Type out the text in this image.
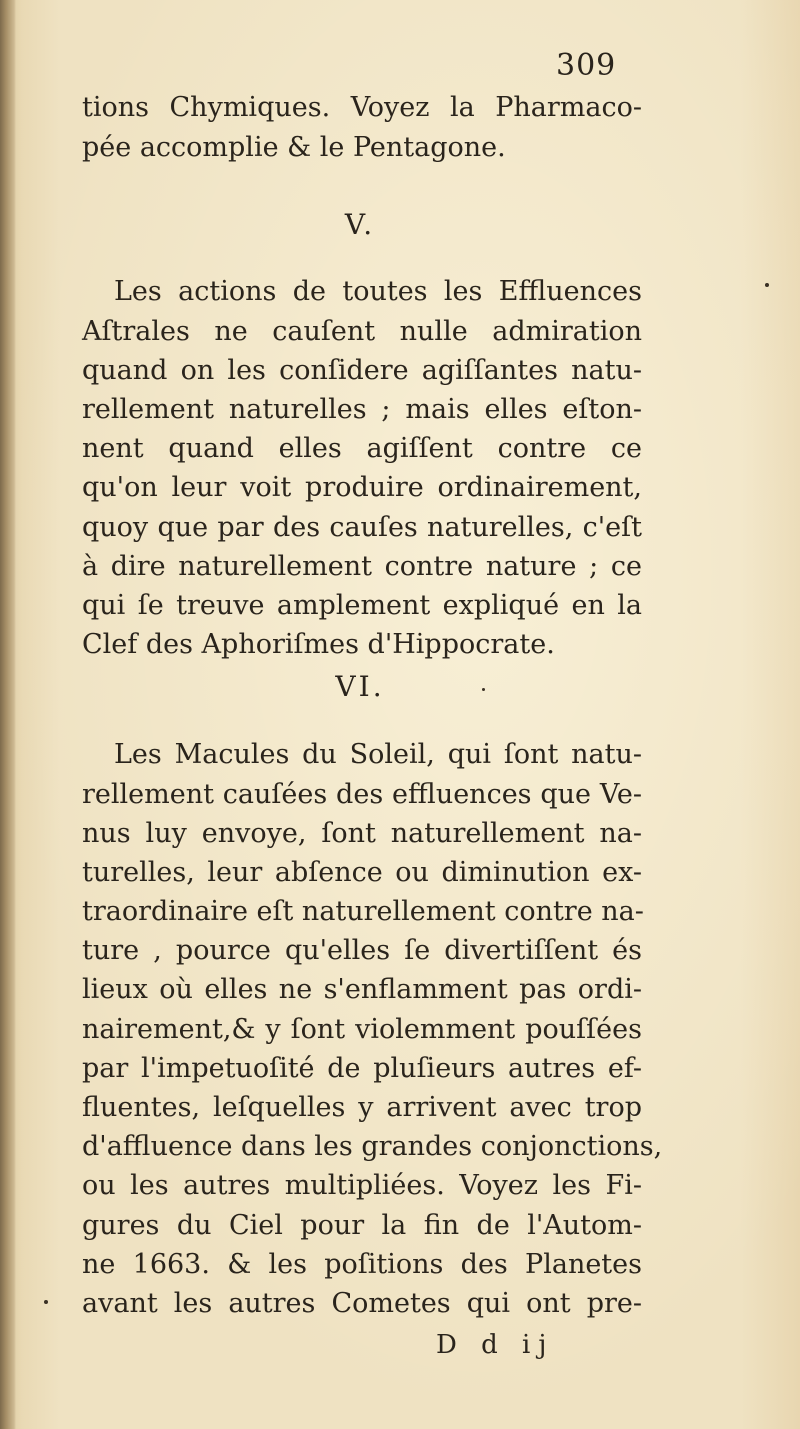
309
tions Chymiques. Voyez la Pharmaco-
pée accomplie & le Pentagone.
V.
Les actions de toutes les Effluences
Aſtrales ne cauſent nulle admiration
quand on les conſidere agiſſantes natu-
rellement naturelles ; mais elles eſton-
nent quand elles agiſſent contre ce
qu'on leur voit produire ordinairement,
quoy que par des cauſes naturelles, c'eſt
à dire naturellement contre nature ; ce
qui ſe treuve amplement expliqué en la
Clef des Aphoriſmes d'Hippocrate.
VI.
Les Macules du Soleil, qui ſont natu-
rellement cauſées des effluences que Ve-
nus luy envoye, ſont naturellement na-
turelles, leur abſence ou diminution ex-
traordinaire eſt naturellement contre na-
ture , pource qu'elles ſe divertiſſent és
lieux où elles ne s'enflamment pas ordi-
nairement,& y ſont violemment pouſſées
par l'impetuoſité de pluſieurs autres ef-
fluentes, leſquelles y arrivent avec trop
d'affluence dans les grandes conjonctions,
ou les autres multipliées. Voyez les Fi-
gures du Ciel pour la fin de l'Autom-
ne 1663. & les poſitions des Planetes
avant les autres Cometes qui ont pre-
D d ij
